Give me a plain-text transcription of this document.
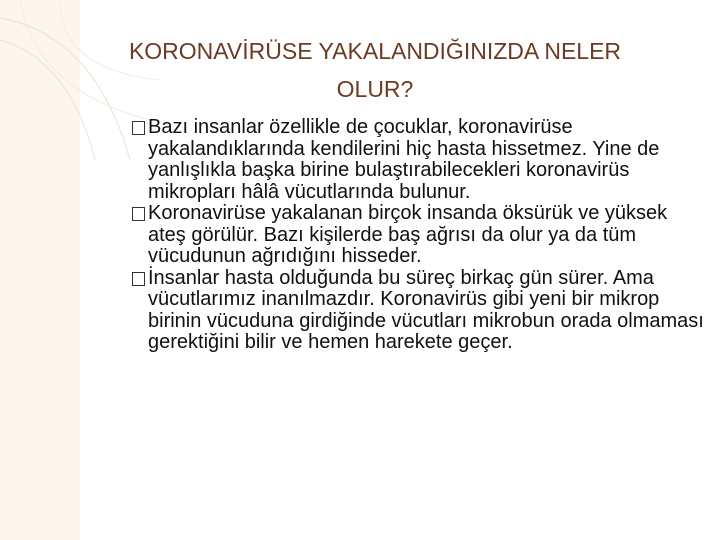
KORONAVİRÜSE YAKALANDIĞINIZDA NELER OLUR?
Bazı insanlar özellikle de çocuklar, koronavirüse yakalandıklarında kendilerini hiç hasta hissetmez. Yine de yanlışlıkla başka birine bulaştırabilecekleri koronavirüs mikropları hâlâ vücutlarında bulunur.
Koronavirüse yakalanan birçok insanda öksürük ve yüksek ateş görülür. Bazı kişilerde baş ağrısı da olur ya da tüm vücudunun ağrıdığını hisseder.
İnsanlar hasta olduğunda bu süreç birkaç gün sürer. Ama vücutlarımız inanılmazdır. Koronavirüs gibi yeni bir mikrop birinin vücuduna girdiğinde vücutları mikrobun orada olmaması gerektiğini bilir ve hemen harekete geçer.
